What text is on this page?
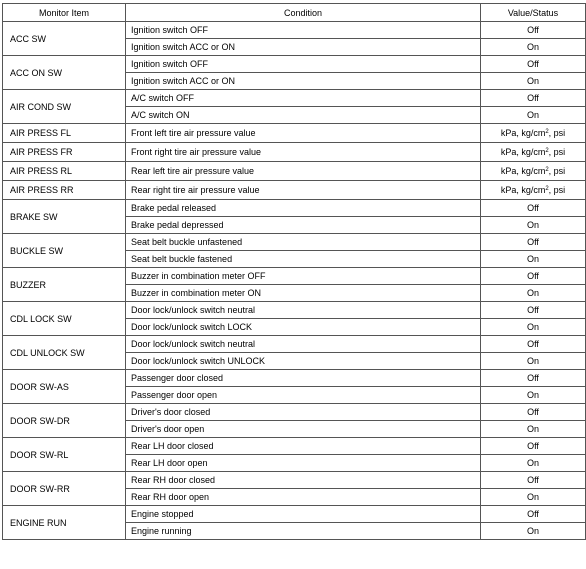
Monitor Item	Condition	Value/Status
ACC SW	Ignition switch OFF	Off
	Ignition switch ACC or ON	On
ACC ON SW	Ignition switch OFF	Off
	Ignition switch ACC or ON	On
AIR COND SW	A/C switch OFF	Off
	A/C switch ON	On
AIR PRESS FL	Front left tire air pressure value	kPa, $kg/cm^2$, psi
AIR PRESS FR	Front right tire air pressure value	kPa, $kg/cm^2$, psi
AIR PRESS RL	Rear left tire air pressure value	kPa, $kg/cm^2$, psi
AIR PRESS RR	Rear right tire air pressure value	kPa, $kg/cm^2$, psi
BRAKE SW	Brake pedal released	Off
	Brake pedal depressed	On
BUCKLE SW	Seat belt buckle unfastened	Off
	Seat belt buckle fastened	On
BUZZER	Buzzer in combination meter OFF	Off
	Buzzer in combination meter ON	On
CDL LOCK SW	Door lock/unlock switch neutral	Off
	Door lock/unlock switch LOCK	On
CDL UNLOCK SW	Door lock/unlock switch neutral	Off
	Door lock/unlock switch UNLOCK	On
DOOR SW-AS	Passenger door closed	Off
	Passenger door open	On
DOOR SW-DR	Driver's door closed	Off
	Driver's door open	On
DOOR SW-RL	Rear LH door closed	Off
	Rear LH door open	On
DOOR SW-RR	Rear RH door closed	Off
	Rear RH door open	On
ENGINE RUN	Engine stopped	Off
	Engine running	On
